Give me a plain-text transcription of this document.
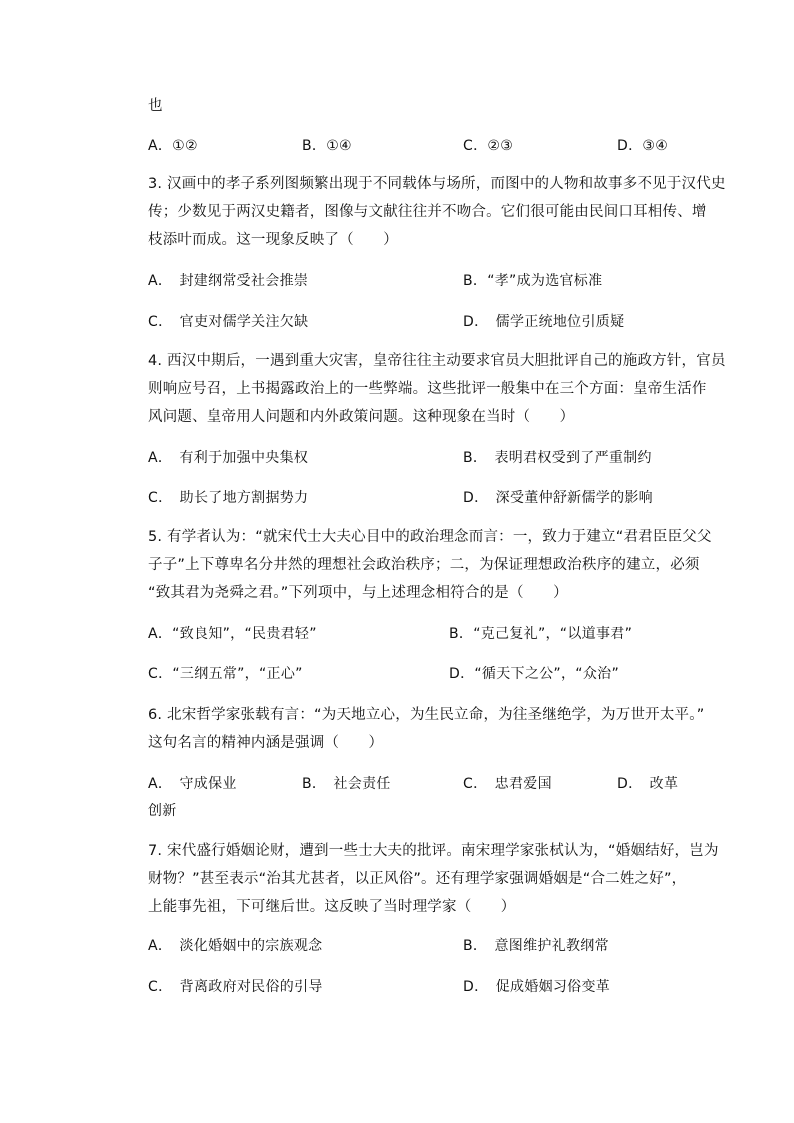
也
A．①②	B．①④	C．②③	D．③④
3. 汉画中的孝子系列图频繁出现于不同载体与场所，而图中的人物和故事多不见于汉代史
传；少数见于两汉史籍者，图像与文献往往并不吻合。它们很可能由民间口耳相传、增
枝添叶而成。这一现象反映了（　　）
A．　封建纲常受社会推崇	B．“孝”成为选官标准
C．　官吏对儒学关注欠缺	D．　儒学正统地位引质疑
4. 西汉中期后，一遇到重大灾害，皇帝往往主动要求官员大胆批评自己的施政方针，官员
则响应号召，上书揭露政治上的一些弊端。这些批评一般集中在三个方面：皇帝生活作
风问题、皇帝用人问题和内外政策问题。这种现象在当时（　　）
A．　有利于加强中央集权	B．　表明君权受到了严重制约
C．　助长了地方割据势力	D．　深受董仲舒新儒学的影响
5. 有学者认为：“就宋代士大夫心目中的政治理念而言：一，致力于建立“君君臣臣父父
子子”上下尊卑名分井然的理想社会政治秩序；二，为保证理想政治秩序的建立，必须
“致其君为尧舜之君。”下列项中，与上述理念相符合的是（　　）
A．“致良知”，“民贵君轻”	B．“克己复礼”，“以道事君”
C．“三纲五常”，“正心”	D．“循天下之公”，“众治”
6. 北宋哲学家张载有言：“为天地立心，为生民立命，为往圣继绝学，为万世开太平。”
这句名言的精神内涵是强调（　　）
A．　守成保业	B．　社会责任	C．　忠君爱国	D．　改革
创新
7. 宋代盛行婚姻论财，遭到一些士大夫的批评。南宋理学家张栻认为，“婚姻结好，岂为
财物？”甚至表示“治其尤甚者，以正风俗”。还有理学家强调婚姻是“合二姓之好”，
上能事先祖，下可继后世。这反映了当时理学家（　　）
A．　淡化婚姻中的宗族观念	B．　意图维护礼教纲常
C．　背离政府对民俗的引导	D．　促成婚姻习俗变革
